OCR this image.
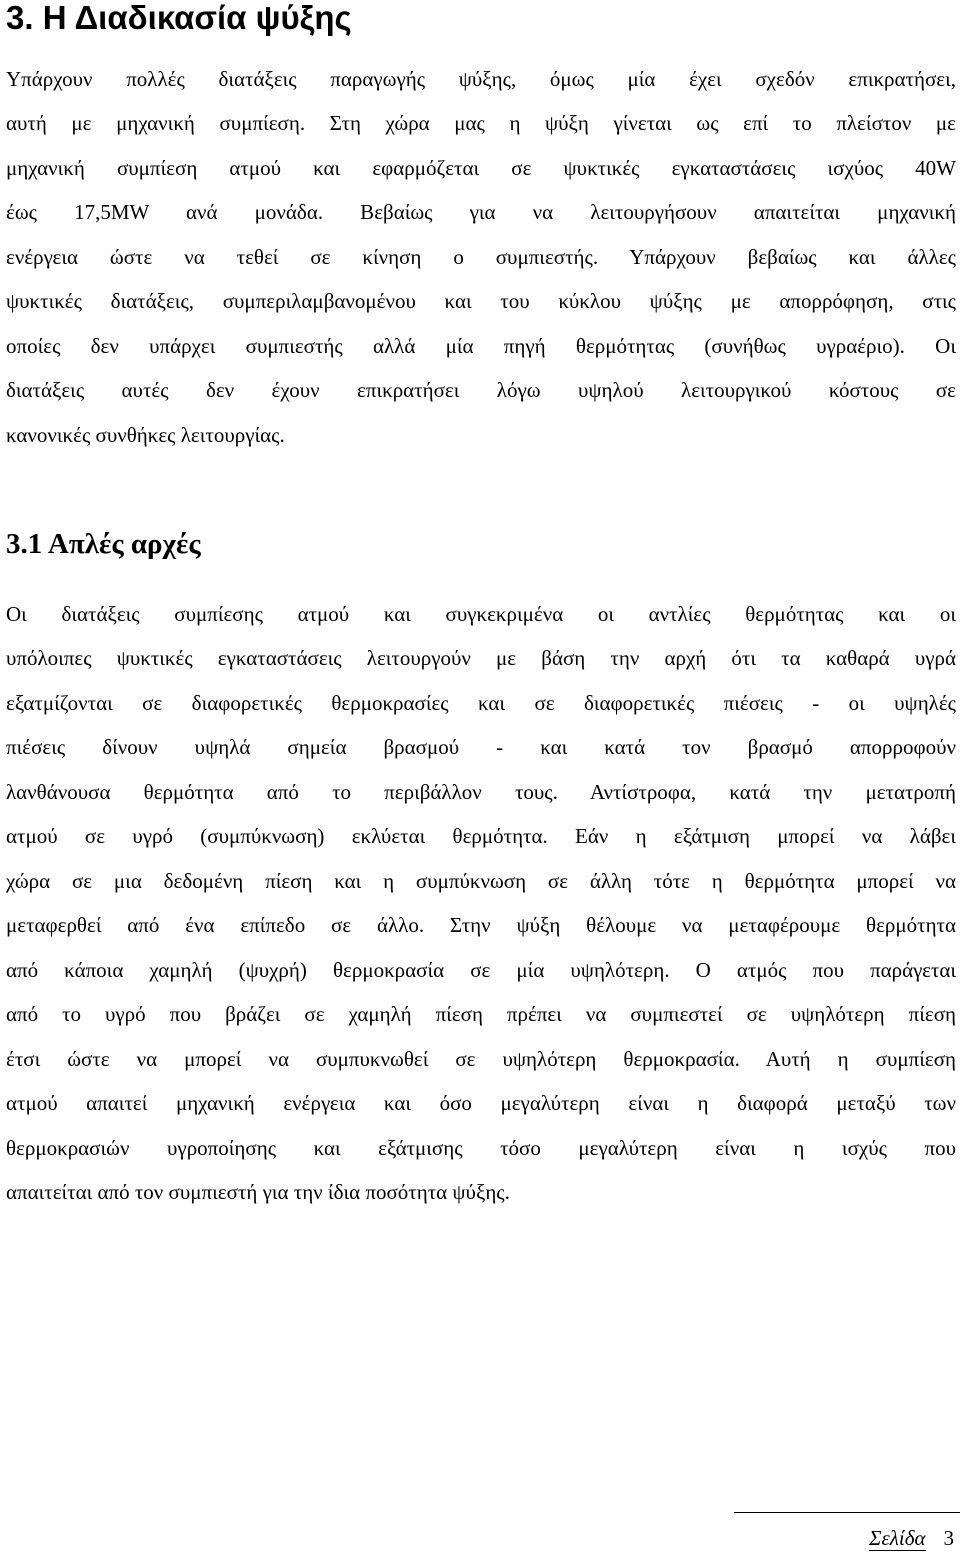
3. Η Διαδικασία ψύξης
Υπάρχουν πολλές διατάξεις παραγωγής ψύξης, όμως μία έχει σχεδόν επικρατήσει,
αυτή με μηχανική συμπίεση. Στη χώρα μας η ψύξη γίνεται ως επί το πλείστον με
μηχανική συμπίεση ατμού και εφαρμόζεται σε ψυκτικές εγκαταστάσεις ισχύος 40W
έως 17,5MW ανά μονάδα. Βεβαίως για να λειτουργήσουν απαιτείται μηχανική
ενέργεια ώστε να τεθεί σε κίνηση ο συμπιεστής. Υπάρχουν βεβαίως και άλλες
ψυκτικές διατάξεις, συμπεριλαμβανομένου και του κύκλου ψύξης με απορρόφηση, στις
οποίες δεν υπάρχει συμπιεστής αλλά μία πηγή θερμότητας (συνήθως υγραέριο). Οι
διατάξεις αυτές δεν έχουν επικρατήσει λόγω υψηλού λειτουργικού κόστους σε
κανονικές συνθήκες λειτουργίας.
3.1 Απλές αρχές
Οι διατάξεις συμπίεσης ατμού και συγκεκριμένα οι αντλίες θερμότητας και οι
υπόλοιπες ψυκτικές εγκαταστάσεις λειτουργούν με βάση την αρχή ότι τα καθαρά υγρά
εξατμίζονται σε διαφορετικές θερμοκρασίες και σε διαφορετικές πιέσεις - οι υψηλές
πιέσεις δίνουν υψηλά σημεία βρασμού - και κατά τον βρασμό απορροφούν
λανθάνουσα θερμότητα από το περιβάλλον τους. Αντίστροφα, κατά την μετατροπή
ατμού σε υγρό (συμπύκνωση) εκλύεται θερμότητα. Εάν η εξάτμιση μπορεί να λάβει
χώρα σε μια δεδομένη πίεση και η συμπύκνωση σε άλλη τότε η θερμότητα μπορεί να
μεταφερθεί από ένα επίπεδο σε άλλο. Στην ψύξη θέλουμε να μεταφέρουμε θερμότητα
από κάποια χαμηλή (ψυχρή) θερμοκρασία σε μία υψηλότερη. Ο ατμός που παράγεται
από το υγρό που βράζει σε χαμηλή πίεση πρέπει να συμπιεστεί σε υψηλότερη πίεση
έτσι ώστε να μπορεί να συμπυκνωθεί σε υψηλότερη θερμοκρασία. Αυτή η συμπίεση
ατμού απαιτεί μηχανική ενέργεια και όσο μεγαλύτερη είναι η διαφορά μεταξύ των
θερμοκρασιών υγροποίησης και εξάτμισης τόσο μεγαλύτερη είναι η ισχύς που
απαιτείται από τον συμπιεστή για την ίδια ποσότητα ψύξης.
Σελίδα 3
